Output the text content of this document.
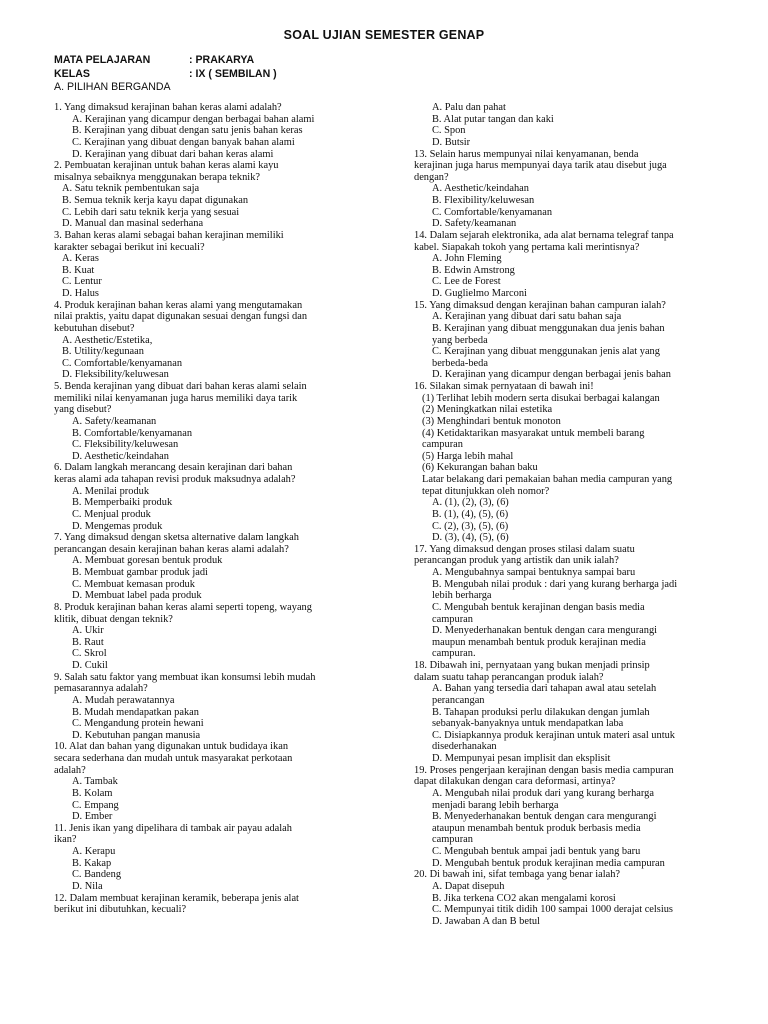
SOAL UJIAN SEMESTER GENAP
MATA PELAJARAN	: PRAKARYA
KELAS	: IX ( SEMBILAN )
A. PILIHAN BERGANDA
1. Yang dimaksud kerajinan bahan keras alami adalah?
A. Kerajinan yang dicampur dengan berbagai bahan alami
B. Kerajinan yang dibuat dengan satu jenis bahan keras
C. Kerajinan yang dibuat dengan banyak bahan alami
D. Kerajinan yang dibuat dari bahan keras alami
2. Pembuatan kerajinan untuk bahan keras alami kayu
misalnya sebaiknya menggunakan berapa teknik?
A. Satu teknik pembentukan saja
B. Semua teknik kerja kayu dapat digunakan
C. Lebih dari satu teknik kerja yang sesuai
D. Manual dan masinal sederhana
3. Bahan keras alami sebagai bahan kerajinan memiliki
karakter sebagai berikut ini kecuali?
A. Keras
B. Kuat
C. Lentur
D. Halus
4. Produk kerajinan bahan keras alami yang mengutamakan
nilai praktis, yaitu dapat digunakan sesuai dengan fungsi dan
kebutuhan disebut?
A. Aesthetic/Estetika,
B. Utility/kegunaan
C. Comfortable/kenyamanan
D. Fleksibility/keluwesan
5. Benda kerajinan yang dibuat dari bahan keras alami selain
memiliki nilai kenyamanan juga harus memiliki daya tarik
yang disebut?
A. Safety/keamanan
B. Comfortable/kenyamanan
C. Fleksibility/keluwesan
D. Aesthetic/keindahan
6. Dalam langkah merancang desain kerajinan dari bahan
keras alami ada tahapan revisi produk maksudnya adalah?
A. Menilai produk
B. Memperbaiki produk
C. Menjual produk
D. Mengemas produk
7. Yang dimaksud dengan sketsa alternative dalam langkah
perancangan desain kerajinan bahan keras alami adalah?
A. Membuat goresan bentuk produk
B. Membuat gambar produk jadi
C. Membuat kemasan produk
D. Membuat label pada produk
8. Produk kerajinan bahan keras alami seperti topeng, wayang
klitik, dibuat dengan teknik?
A. Ukir
B. Raut
C. Skrol
D. Cukil
9. Salah satu faktor yang membuat ikan konsumsi lebih mudah
pemasarannya adalah?
A. Mudah perawatannya
B. Mudah mendapatkan pakan
C. Mengandung protein hewani
D. Kebutuhan pangan manusia
10. Alat dan bahan yang digunakan untuk budidaya ikan
secara sederhana dan mudah untuk masyarakat perkotaan
adalah?
A. Tambak
B. Kolam
C. Empang
D. Ember
11. Jenis ikan yang dipelihara di tambak air payau adalah
ikan?
A. Kerapu
B. Kakap
C. Bandeng
D. Nila
12. Dalam membuat kerajinan keramik, beberapa jenis alat
berikut ini dibutuhkan, kecuali?
A. Palu dan pahat
B. Alat putar tangan dan kaki
C. Spon
D. Butsir
13. Selain harus mempunyai nilai kenyamanan, benda
kerajinan juga harus mempunyai daya tarik atau disebut juga
dengan?
A. Aesthetic/keindahan
B. Flexibility/keluwesan
C. Comfortable/kenyamanan
D. Safety/keamanan
14. Dalam sejarah elektronika, ada alat bernama telegraf tanpa
kabel. Siapakah tokoh yang pertama kali merintisnya?
A. John Fleming
B. Edwin Amstrong
C. Lee de Forest
D. Guglielmo Marconi
15. Yang dimaksud dengan kerajinan bahan campuran ialah?
A. Kerajinan yang dibuat dari satu bahan saja
B. Kerajinan yang dibuat menggunakan dua jenis bahan
yang berbeda
C. Kerajinan yang dibuat menggunakan jenis alat yang
berbeda-beda
D. Kerajinan yang dicampur dengan berbagai jenis bahan
16. Silakan simak pernyataan di bawah ini!
(1) Terlihat lebih modern serta disukai berbagai kalangan
(2) Meningkatkan nilai estetika
(3) Menghindari bentuk monoton
(4) Ketidaktarikan masyarakat untuk membeli barang
campuran
(5) Harga lebih mahal
(6) Kekurangan bahan baku
Latar belakang dari pemakaian bahan media campuran yang
tepat ditunjukkan oleh nomor?
A. (1), (2), (3), (6)
B. (1), (4), (5), (6)
C. (2), (3), (5), (6)
D. (3), (4), (5), (6)
17. Yang dimaksud dengan proses stilasi dalam suatu
perancangan produk yang artistik dan unik ialah?
A. Mengubahnya sampai bentuknya sampai baru
B. Mengubah nilai produk : dari yang kurang berharga jadi
lebih berharga
C. Mengubah bentuk kerajinan dengan basis media
campuran
D. Menyederhanakan bentuk dengan cara mengurangi
maupun menambah bentuk produk kerajinan media
campuran.
18. Dibawah ini, pernyataan yang bukan menjadi prinsip
dalam suatu tahap perancangan produk ialah?
A. Bahan yang tersedia dari tahapan awal atau setelah
perancangan
B. Tahapan produksi perlu dilakukan dengan jumlah
sebanyak-banyaknya untuk mendapatkan laba
C. Disiapkannya produk kerajinan untuk materi asal untuk
disederhanakan
D. Mempunyai pesan implisit dan eksplisit
19. Proses pengerjaan kerajinan dengan basis media campuran
dapat dilakukan dengan cara deformasi, artinya?
A. Mengubah nilai produk dari yang kurang berharga
menjadi barang lebih berharga
B. Menyederhanakan bentuk dengan cara mengurangi
ataupun menambah bentuk produk berbasis media
campuran
C. Mengubah bentuk ampai jadi bentuk yang baru
D. Mengubah bentuk produk kerajinan media campuran
20. Di bawah ini, sifat tembaga yang benar ialah?
A. Dapat disepuh
B. Jika terkena CO2 akan mengalami korosi
C. Mempunyai titik didih 100 sampai 1000 derajat celsius
D. Jawaban A dan B betul
